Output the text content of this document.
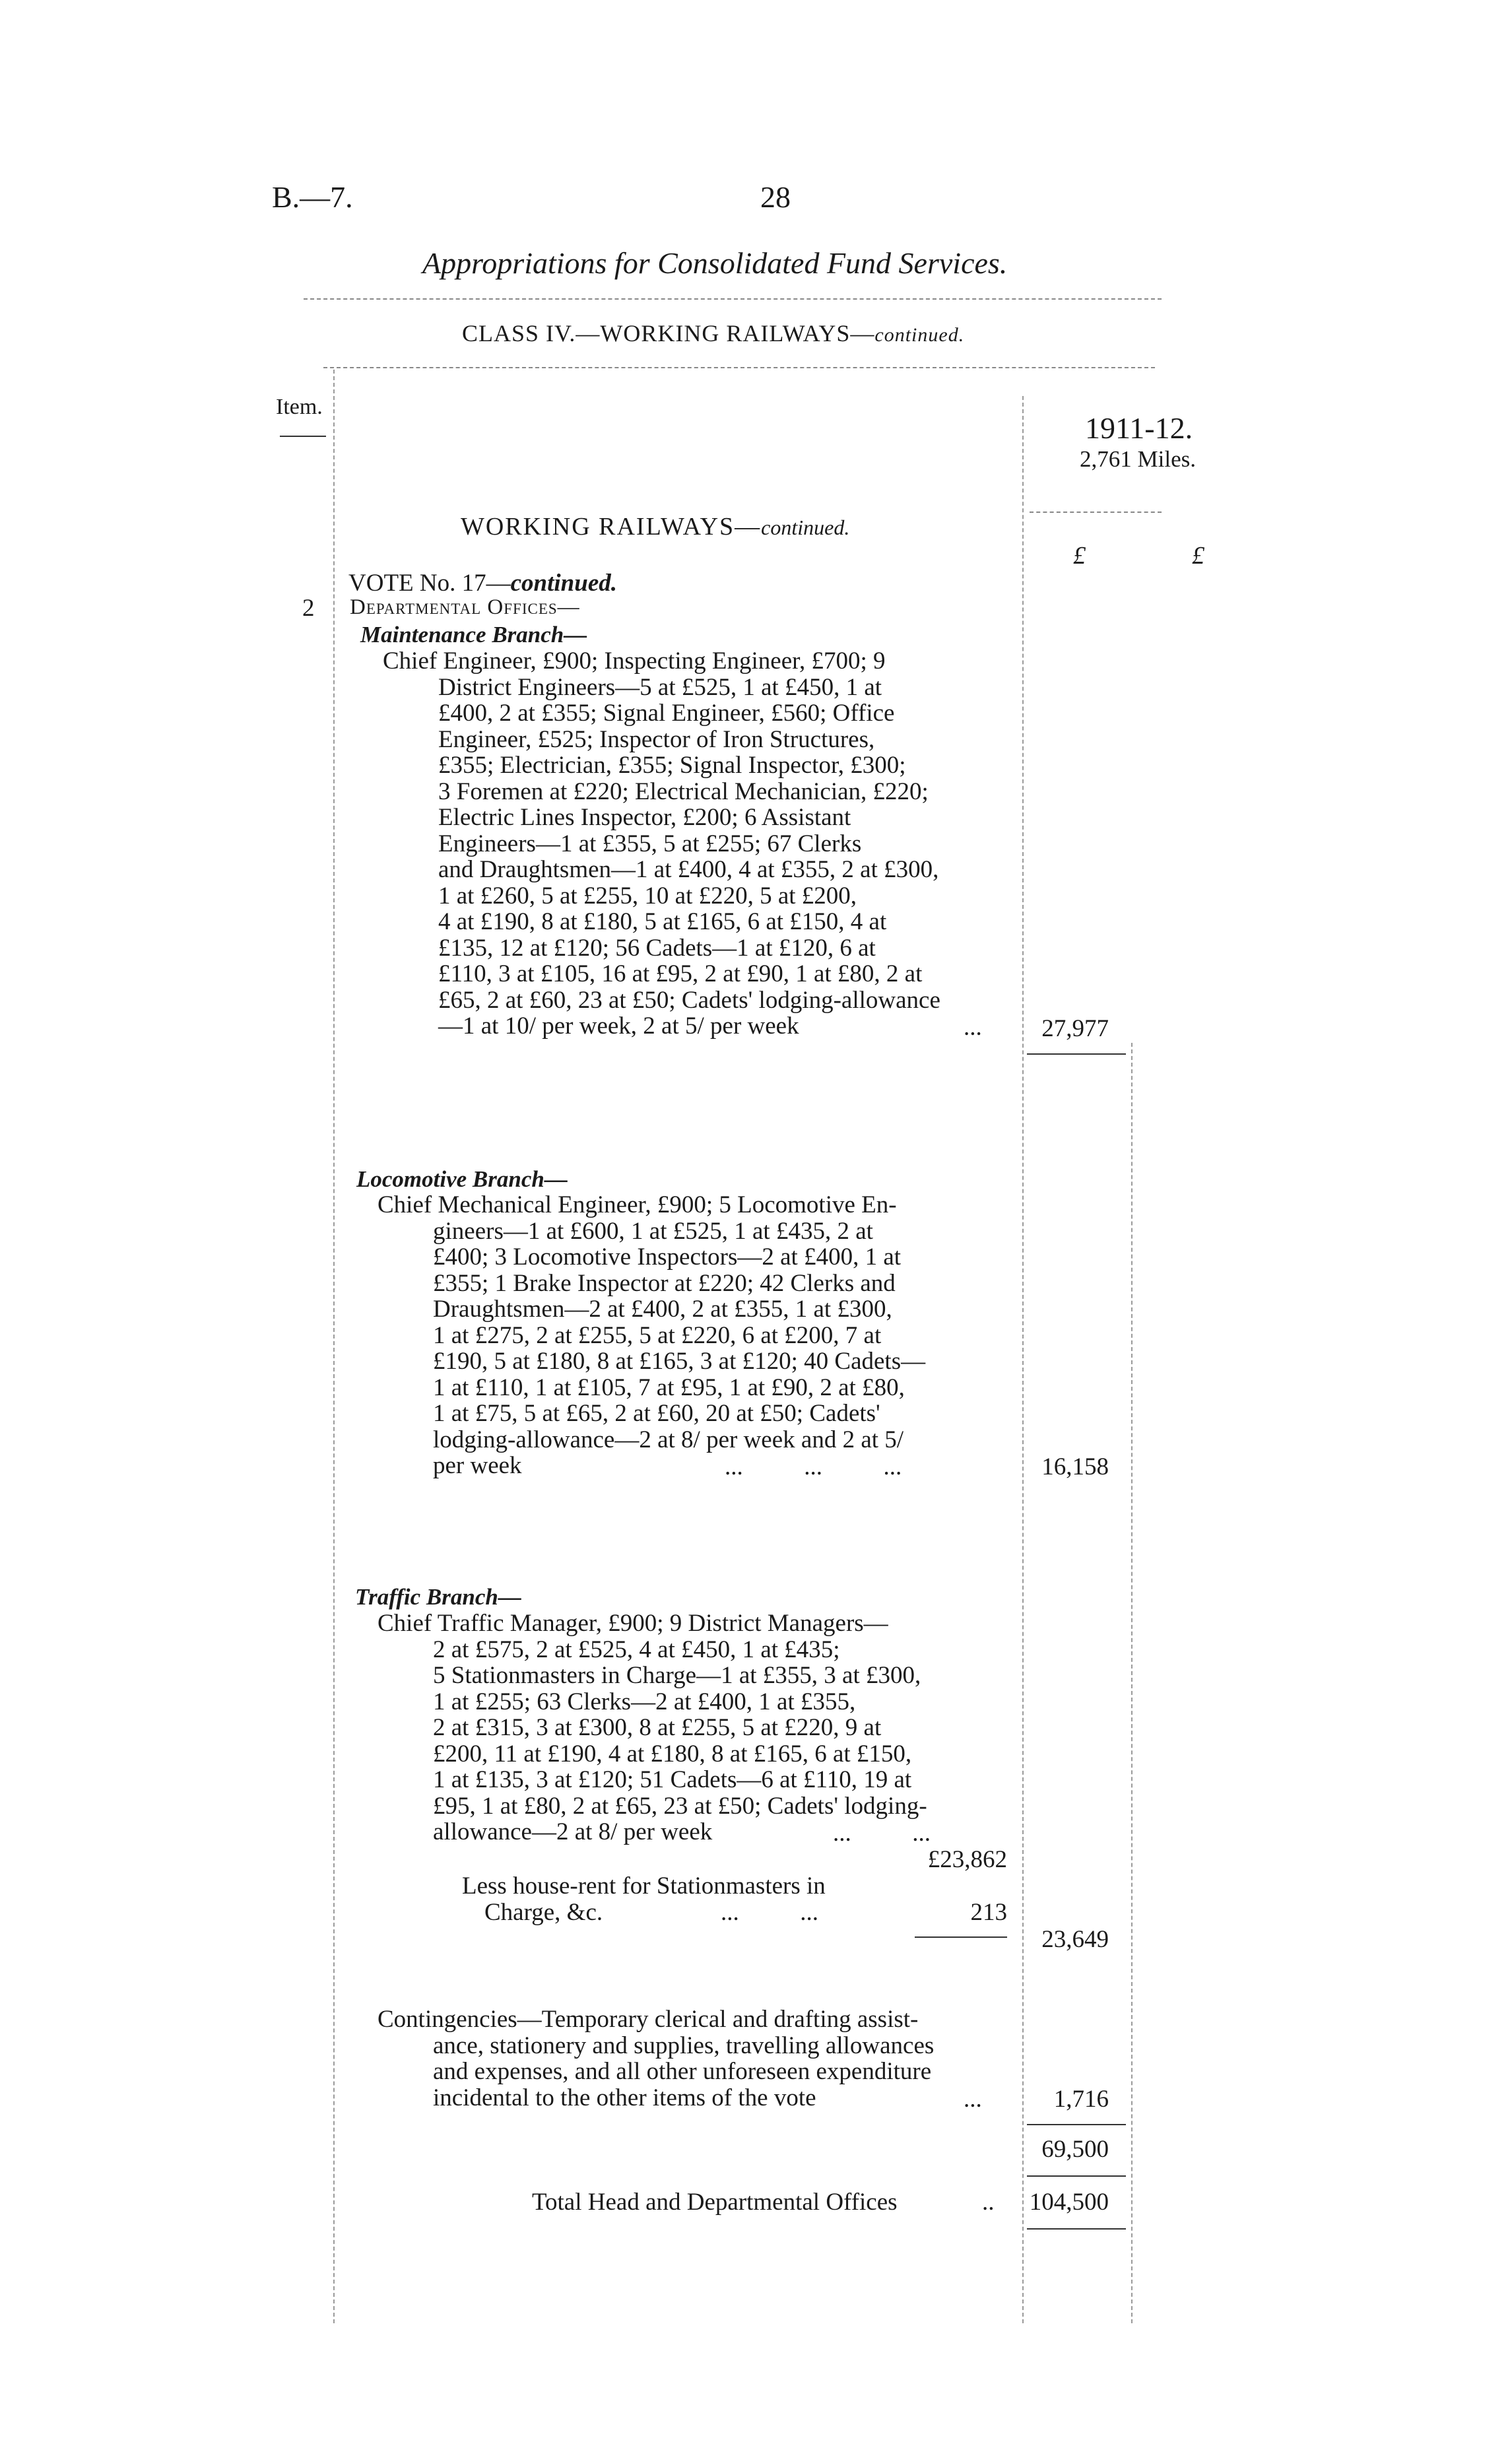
B.—7.	28
Appropriations for Consolidated Fund Services.
CLASS IV.—WORKING RAILWAYS—continued.
Item.
1911-12.
2,761 Miles.
£	£
WORKING RAILWAYS—continued.
VOTE No. 17—continued.
2 Departmental Offices—
Maintenance Branch—
Chief Engineer, £900; Inspecting Engineer, £700; 9
District Engineers—5 at £525, 1 at £450, 1 at
£400, 2 at £355; Signal Engineer, £560; Office
Engineer, £525; Inspector of Iron Structures,
£355; Electrician, £355; Signal Inspector, £300;
3 Foremen at £220; Electrical Mechanician, £220;
Electric Lines Inspector, £200; 6 Assistant
Engineers—1 at £355, 5 at £255; 67 Clerks
and Draughtsmen—1 at £400, 4 at £355, 2 at £300,
1 at £260, 5 at £255, 10 at £220, 5 at £200,
4 at £190, 8 at £180, 5 at £165, 6 at £150, 4 at
£135, 12 at £120; 56 Cadets—1 at £120, 6 at
£110, 3 at £105, 16 at £95, 2 at £90, 1 at £80, 2 at
£65, 2 at £60, 23 at £50; Cadets' lodging-allowance
—1 at 10/ per week, 2 at 5/ per week	...	27,977
Locomotive Branch—
Chief Mechanical Engineer, £900; 5 Locomotive En-
gineers—1 at £600, 1 at £525, 1 at £435, 2 at
£400; 3 Locomotive Inspectors—2 at £400, 1 at
£355; 1 Brake Inspector at £220; 42 Clerks and
Draughtsmen—2 at £400, 2 at £355, 1 at £300,
1 at £275, 2 at £255, 5 at £220, 6 at £200, 7 at
£190, 5 at £180, 8 at £165, 3 at £120; 40 Cadets—
1 at £110, 1 at £105, 7 at £95, 1 at £90, 2 at £80,
1 at £75, 5 at £65, 2 at £60, 20 at £50; Cadets'
lodging-allowance—2 at 8/ per week and 2 at 5/
per week	...          ...          ...	16,158
Traffic Branch—
Chief Traffic Manager, £900; 9 District Managers—
2 at £575, 2 at £525, 4 at £450, 1 at £435;
5 Stationmasters in Charge—1 at £355, 3 at £300,
1 at £255; 63 Clerks—2 at £400, 1 at £355,
2 at £315, 3 at £300, 8 at £255, 5 at £220, 9 at
£200, 11 at £190, 4 at £180, 8 at £165, 6 at £150,
1 at £135, 3 at £120; 51 Cadets—6 at £110, 19 at
£95, 1 at £80, 2 at £65, 23 at £50; Cadets' lodging-
allowance—2 at 8/ per week	...          ...
£23,862
Less house-rent for Stationmasters in
Charge, &c.	...          ...	213
23,649
Contingencies—Temporary clerical and drafting assist-
ance, stationery and supplies, travelling allowances
and expenses, and all other unforeseen expenditure
incidental to the other items of the vote	...	1,716
69,500
Total Head and Departmental Offices	..	104,500
